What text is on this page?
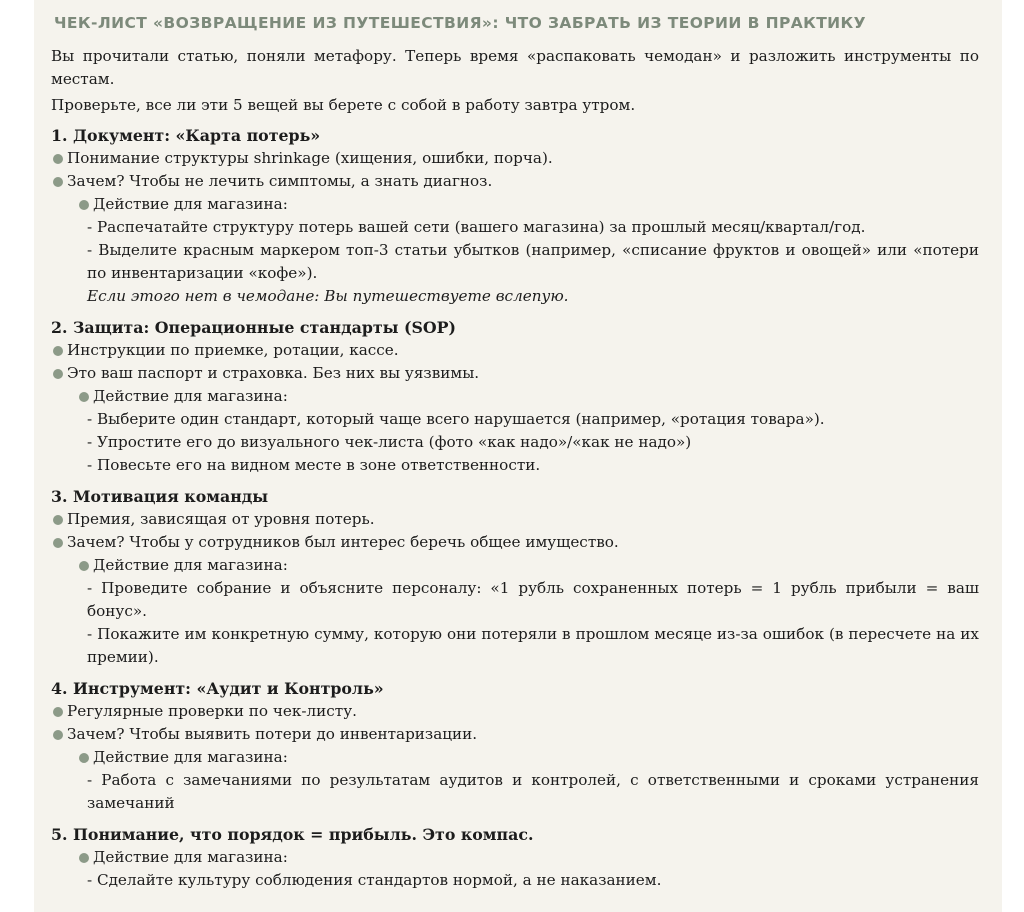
ЧЕК-ЛИСТ «ВОЗВРАЩЕНИЕ ИЗ ПУТЕШЕСТВИЯ»: ЧТО ЗАБРАТЬ ИЗ ТЕОРИИ В ПРАКТИКУ

Вы прочитали статью, поняли метафору. Теперь время «распаковать чемодан» и разложить инструменты по местам.

Проверьте, все ли эти 5 вещей вы берете с собой в работу завтра утром.

1. Документ: «Карта потерь»
Понимание структуры shrinkage (хищения, ошибки, порча).
Зачем? Чтобы не лечить симптомы, а знать диагноз.
Действие для магазина:
- Распечатайте структуру потерь вашей сети (вашего магазина) за прошлый месяц/квартал/год.
- Выделите красным маркером топ-3 статьи убытков (например, «списание фруктов и овощей» или «потери по инвентаризации «кофе»).
Если этого нет в чемодане: Вы путешествуете вслепую.
2. Защита: Операционные стандарты (SOP)
Инструкции по приемке, ротации, кассе.
Это ваш паспорт и страховка. Без них вы уязвимы.
Действие для магазина:
- Выберите один стандарт, который чаще всего нарушается (например, «ротация товара»).
- Упростите его до визуального чек-листа (фото «как надо»/«как не надо»)
- Повесьте его на видном месте в зоне ответственности.
3. Мотивация команды
Премия, зависящая от уровня потерь.
Зачем? Чтобы у сотрудников был интерес беречь общее имущество.
Действие для магазина:
- Проведите собрание и объясните персоналу: «1 рубль сохраненных потерь = 1 рубль прибыли = ваш бонус».
- Покажите им конкретную сумму, которую они потеряли в прошлом месяце из-за ошибок (в пересчете на их премии).
4. Инструмент: «Аудит и Контроль»
Регулярные проверки по чек-листу.
Зачем? Чтобы выявить потери до инвентаризации.
Действие для магазина:
- Работа с замечаниями по результатам аудитов и контролей, с ответственными и сроками устранения замечаний
5. Понимание, что порядок = прибыль. Это компас.
Действие для магазина:
- Сделайте культуру соблюдения стандартов нормой, а не наказанием.
